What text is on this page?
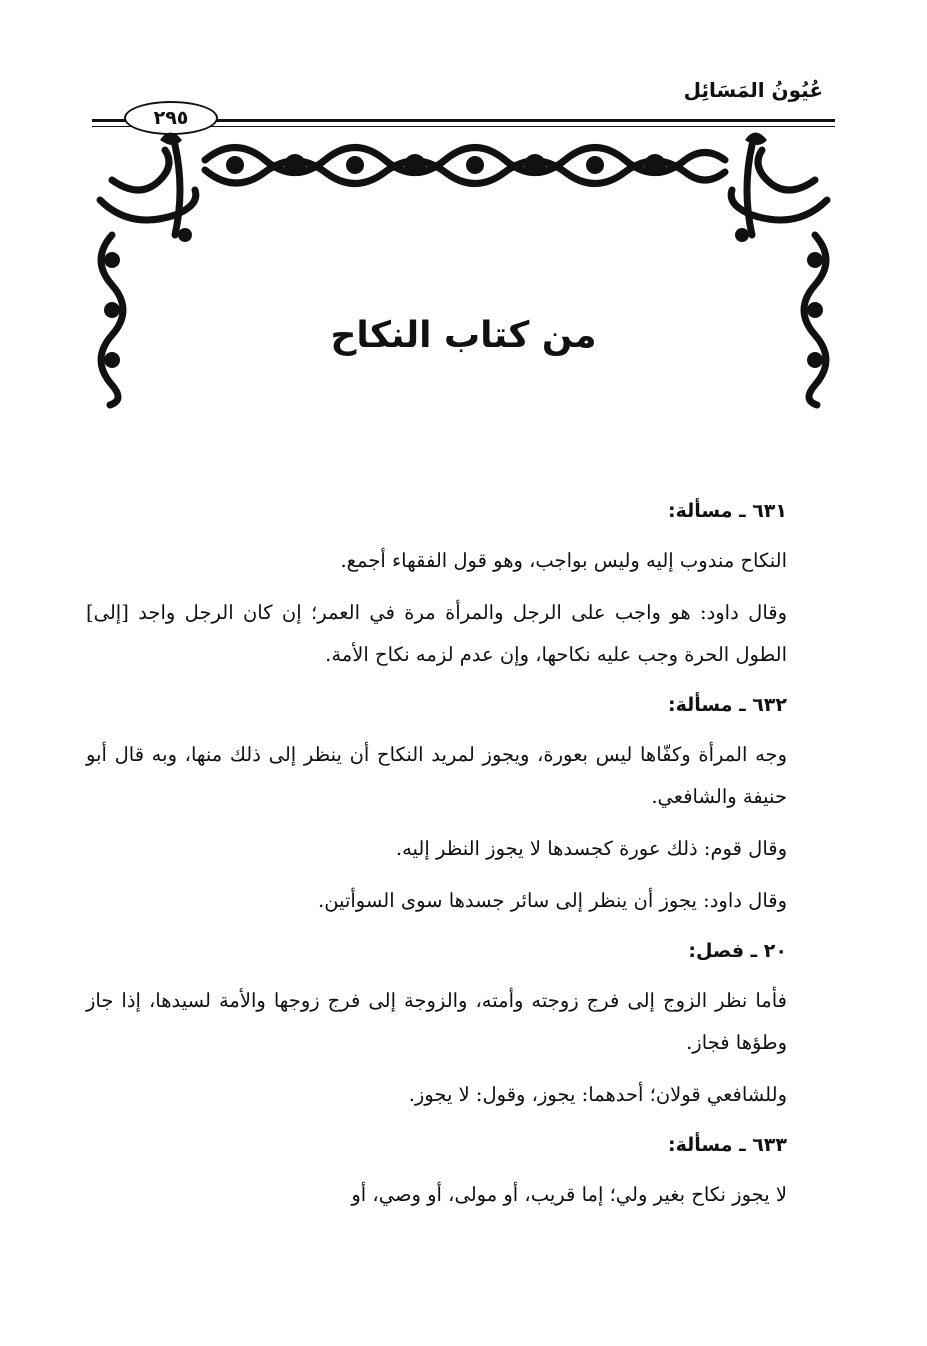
عُيُونُ المَسَائِل
٢٩٥
من كتاب النكاح
٦٣١ ـ مسألة:

النكاح مندوب إليه وليس بواجب، وهو قول الفقهاء أجمع.

وقال داود: هو واجب على الرجل والمرأة مرة في العمر؛ إن كان الرجل واجد [إلى] الطول الحرة وجب عليه نكاحها، وإن عدم لزمه نكاح الأمة.

٦٣٢ ـ مسألة:

وجه المرأة وكفّاها ليس بعورة، ويجوز لمريد النكاح أن ينظر إلى ذلك منها، وبه قال أبو حنيفة والشافعي.

وقال قوم: ذلك عورة كجسدها لا يجوز النظر إليه.

وقال داود: يجوز أن ينظر إلى سائر جسدها سوى السوأتين.

٢٠ ـ فصل:

فأما نظر الزوج إلى فرج زوجته وأمته، والزوجة إلى فرج زوجها والأمة لسيدها، إذا جاز وطؤها فجاز.

وللشافعي قولان؛ أحدهما: يجوز، وقول: لا يجوز.

٦٣٣ ـ مسألة:

لا يجوز نكاح بغير ولي؛ إما قريب، أو مولى، أو وصي، أو
